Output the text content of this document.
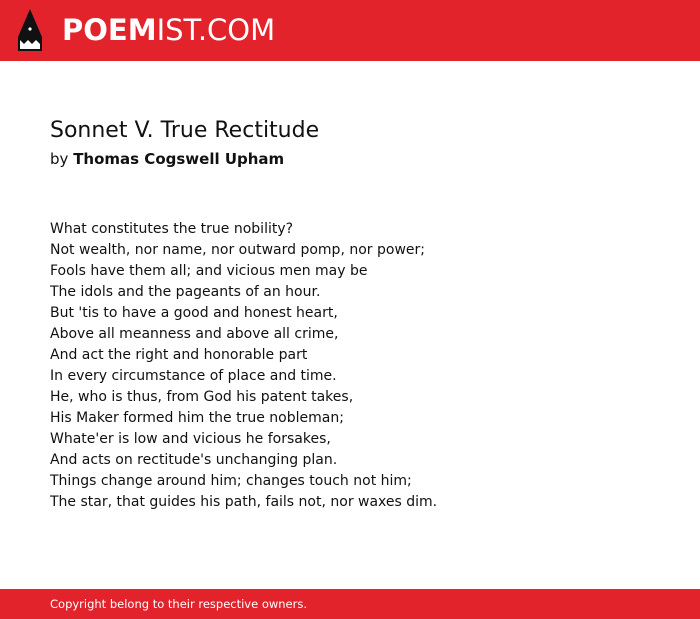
POEMIST.COM
Sonnet V. True Rectitude
by Thomas Cogswell Upham
What constitutes the true nobility?
Not wealth, nor name, nor outward pomp, nor power;
Fools have them all; and vicious men may be
The idols and the pageants of an hour.
But 'tis to have a good and honest heart,
Above all meanness and above all crime,
And act the right and honorable part
In every circumstance of place and time.
He, who is thus, from God his patent takes,
His Maker formed him the true nobleman;
Whate'er is low and vicious he forsakes,
And acts on rectitude's unchanging plan.
Things change around him; changes touch not him;
The star, that guides his path, fails not, nor waxes dim.
Copyright belong to their respective owners.
